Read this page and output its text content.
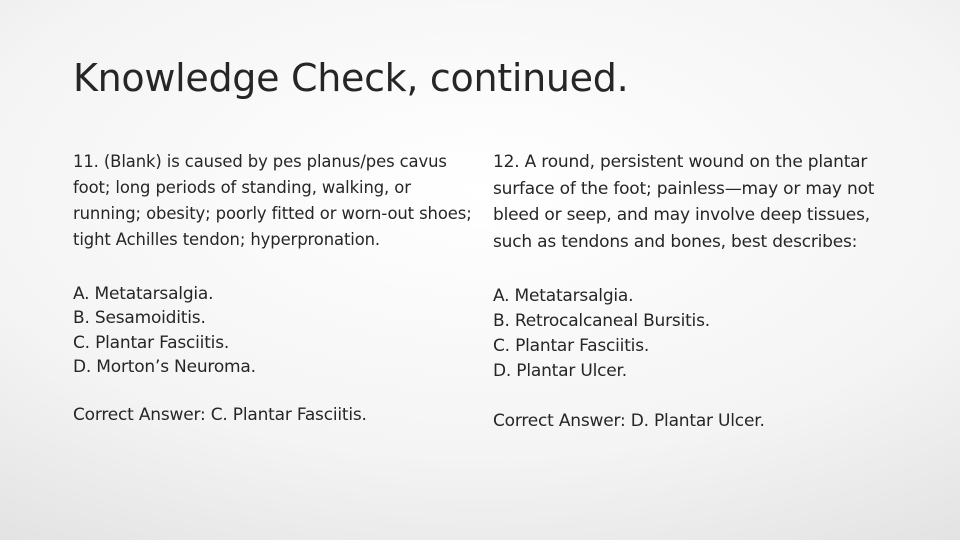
Knowledge Check, continued.

11. (Blank) is caused by pes planus/pes cavus foot; long periods of standing, walking, or running; obesity; poorly fitted or worn-out shoes; tight Achilles tendon; hyperpronation.

A. Metatarsalgia.
B. Sesamoiditis.
C. Plantar Fasciitis.
D. Morton’s Neuroma.

Correct Answer: C. Plantar Fasciitis.

12. A round, persistent wound on the plantar surface of the foot; painless—may or may not bleed or seep, and may involve deep tissues, such as tendons and bones, best describes:

A. Metatarsalgia.
B. Retrocalcaneal Bursitis.
C. Plantar Fasciitis.
D. Plantar Ulcer.

Correct Answer: D. Plantar Ulcer.
